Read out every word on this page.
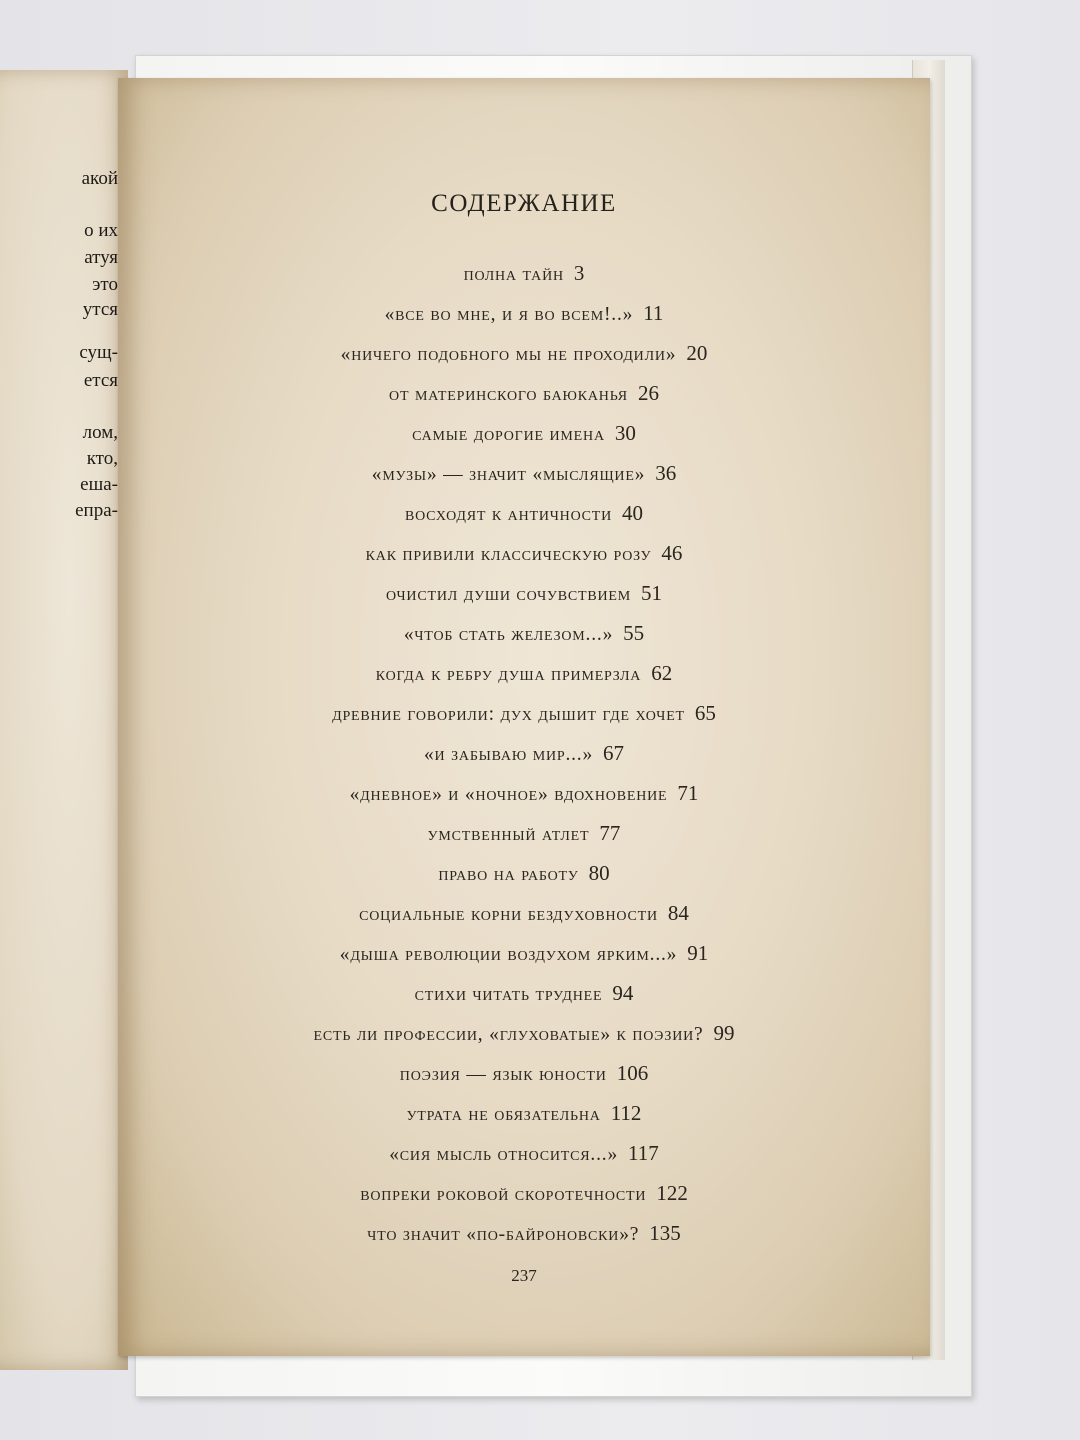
акой
о их
атуя
это
утся
сущ-
ется
лом,
кто,
еша-
епра-
СОДЕРЖАНИЕ
полна тайн 3
«все во мне, и я во всем!..» 11
«ничего подобного мы не проходили» 20
от материнского баюканья 26
самые дорогие имена 30
«музы» — значит «мыслящие» 36
восходят к античности 40
как привили классическую розу 46
очистил души сочувствием 51
«чтоб стать железом...» 55
когда к ребру душа примерзла 62
древние говорили: дух дышит где хочет 65
«и забываю мир...» 67
«дневное» и «ночное» вдохновение 71
умственный атлет 77
право на работу 80
социальные корни бездуховности 84
«дыша революции воздухом ярким...» 91
стихи читать труднее 94
есть ли профессии, «глуховатые» к поэзии? 99
поэзия — язык юности 106
утрата не обязательна 112
«сия мысль относится...» 117
вопреки роковой скоротечности 122
что значит «по-байроновски»? 135
237
